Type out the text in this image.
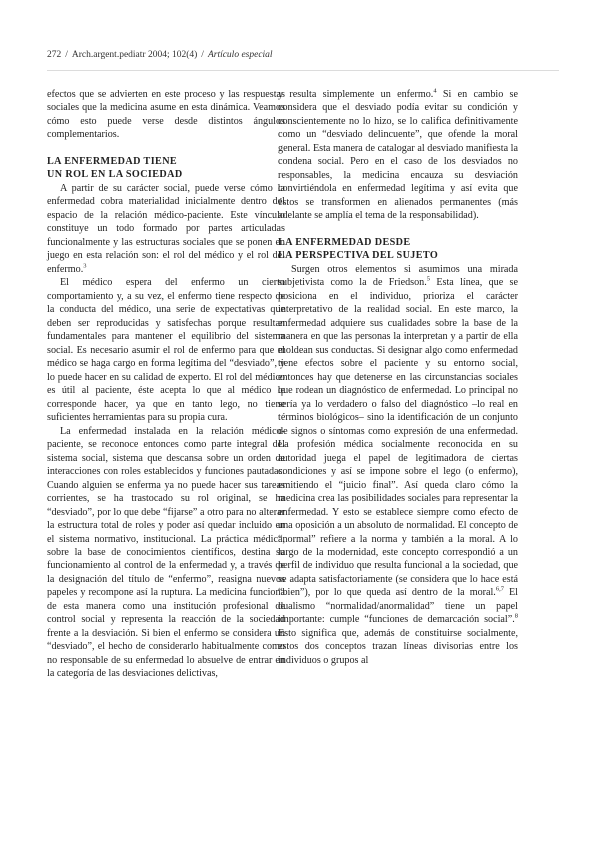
272 / Arch.argent.pediatr 2004; 102(4) / Artículo especial

efectos que se advierten en este proceso y las respuestas sociales que la medicina asume en esta dinámica. Veamos cómo esto puede verse desde distintos ángulos complementarios.

LA ENFERMEDAD TIENE
UN ROL EN LA SOCIEDAD

A partir de su carácter social, puede verse cómo la enfermedad cobra materialidad inicialmente dentro del espacio de la relación médico-paciente. Este vínculo constituye un todo formado por partes articuladas funcionalmente y las estructuras sociales que se ponen en juego en esta relación son: el rol del médico y el rol del enfermo.$^3$

El médico espera del enfermo un cierto comportamiento y, a su vez, el enfermo tiene respecto de la conducta del médico, una serie de expectativas que deben ser reproducidas y satisfechas porque resultan fundamentales para mantener el equilibrio del sistema social. Es necesario asumir el rol de enfermo para que el médico se haga cargo en forma legítima del “desviado”, y lo puede hacer en su calidad de experto. El rol del médico es útil al paciente, éste acepta lo que al médico le corresponde hacer, ya que en tanto lego, no tiene suficientes herramientas para su propia cura.

La enfermedad instalada en la relación médico-paciente, se reconoce entonces como parte integral del sistema social, sistema que descansa sobre un orden de interacciones con roles establecidos y funciones pautadas. Cuando alguien se enferma ya no puede hacer sus tareas corrientes, se ha trastocado su rol original, se ha “desviado”, por lo que debe “fijarse” a otro para no alterar la estructura total de roles y poder así quedar incluido en el sistema normativo, institucional. La práctica médica, sobre la base de conocimientos científicos, destina su funcionamiento al control de la enfermedad y, a través de la designación del título de “enfermo”, reasigna nuevos papeles y recompone así la ruptura. La medicina funciona de esta manera como una institución profesional de control social y representa la reacción de la sociedad frente a la desviación. Si bien el enfermo se considera un “desviado”, el hecho de considerarlo habitualmente como no responsable de su enfermedad lo absuelve de entrar en la categoría de las desviaciones delictivas,

y resulta simplemente un enfermo.$^4$ Si en cambio se considera que el desviado podía evitar su condición y conscientemente no lo hizo, se lo califica definitivamente como un “desviado delincuente”, que ofende la moral general. Esta manera de catalogar al desviado manifiesta la condena social. Pero en el caso de los desviados no responsables, la medicina encauza su desviación convirtiéndola en enfermedad legítima y así evita que éstos se transformen en alienados permanentes (más adelante se amplía el tema de la responsabilidad).

LA ENFERMEDAD DESDE
LA PERSPECTIVA DEL SUJETO

Surgen otros elementos si asumimos una mirada subjetivista como la de Friedson.$^5$ Esta línea, que se posiciona en el individuo, prioriza el carácter interpretativo de la realidad social. En este marco, la enfermedad adquiere sus cualidades sobre la base de la manera en que las personas la interpretan y a partir de ella moldean sus conductas. Si designar algo como enfermedad tiene efectos sobre el paciente y su entorno social, entonces hay que detenerse en las circunstancias sociales que rodean un diagnóstico de enfermedad. Lo principal no sería ya lo verdadero o falso del diagnóstico –lo real en términos biológicos– sino la identificación de un conjunto de signos o síntomas como expresión de una enfermedad. La profesión médica socialmente reconocida en su autoridad juega el papel de legitimadora de ciertas condiciones y así se impone sobre el lego (o enfermo), emitiendo el “juicio final”. Así queda claro cómo la medicina crea las posibilidades sociales para representar la enfermedad. Y esto se establece siempre como efecto de una oposición a un absoluto de normalidad. El concepto de “normal” refiere a la norma y también a la moral. A lo largo de la modernidad, este concepto correspondió a un perfil de individuo que resulta funcional a la sociedad, que se adapta satisfactoriamente (se considera que lo hace está “bien”), por lo que queda así dentro de la moral.$^{6,7}$ El dualismo “normalidad/anormalidad” tiene un papel importante: cumple “funciones de demarcación social”.$^8$ Esto significa que, además de constituirse socialmente, estos dos conceptos trazan líneas divisorias entre los individuos o grupos al
